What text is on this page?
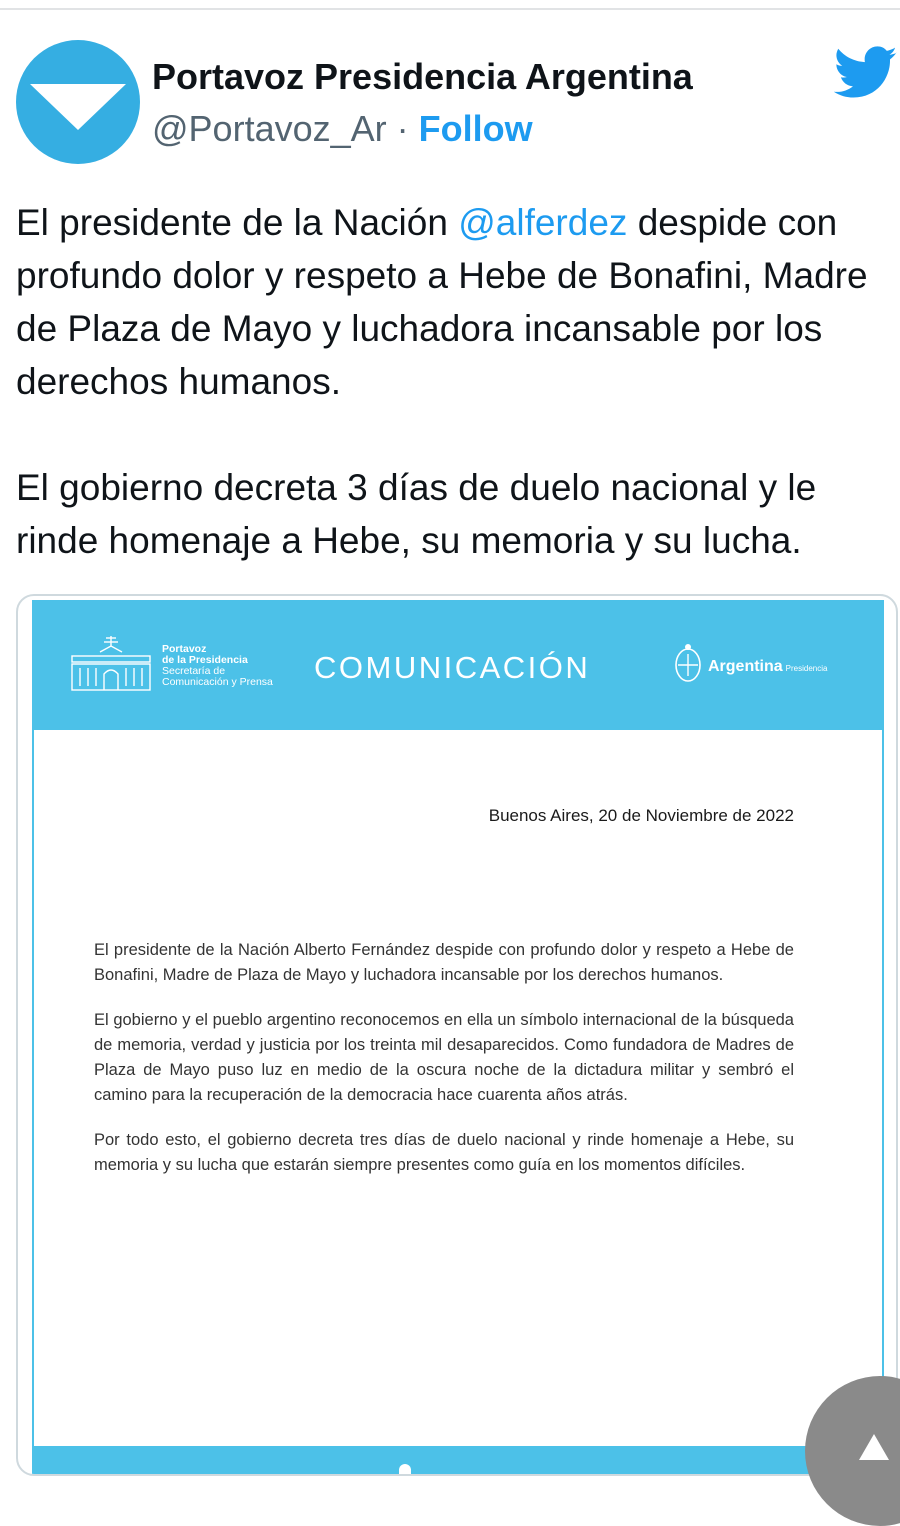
Portavoz Presidencia Argentina
@Portavoz_Ar · Follow

El presidente de la Nación @alferdez despide con profundo dolor y respeto a Hebe de Bonafini, Madre de Plaza de Mayo y luchadora incansable por los derechos humanos.

El gobierno decreta 3 días de duelo nacional y le rinde homenaje a Hebe, su memoria y su lucha.

Portavoz
de la Presidencia
Secretaría de
Comunicación y Prensa COMUNICACIÓN	Argentina Presidencia
Buenos Aires, 20 de Noviembre de 2022

El presidente de la Nación Alberto Fernández despide con profundo dolor y respeto a Hebe de Bonafini, Madre de Plaza de Mayo y luchadora incansable por los derechos humanos.

El gobierno y el pueblo argentino reconocemos en ella un símbolo internacional de la búsqueda de memoria, verdad y justicia por los treinta mil desaparecidos. Como fundadora de Madres de Plaza de Mayo puso luz en medio de la oscura noche de la dictadura militar y sembró el camino para la recuperación de la democracia hace cuarenta años atrás.

Por todo esto, el gobierno decreta tres días de duelo nacional y rinde homenaje a Hebe, su memoria y su lucha que estarán siempre presentes como guía en los momentos difíciles.
